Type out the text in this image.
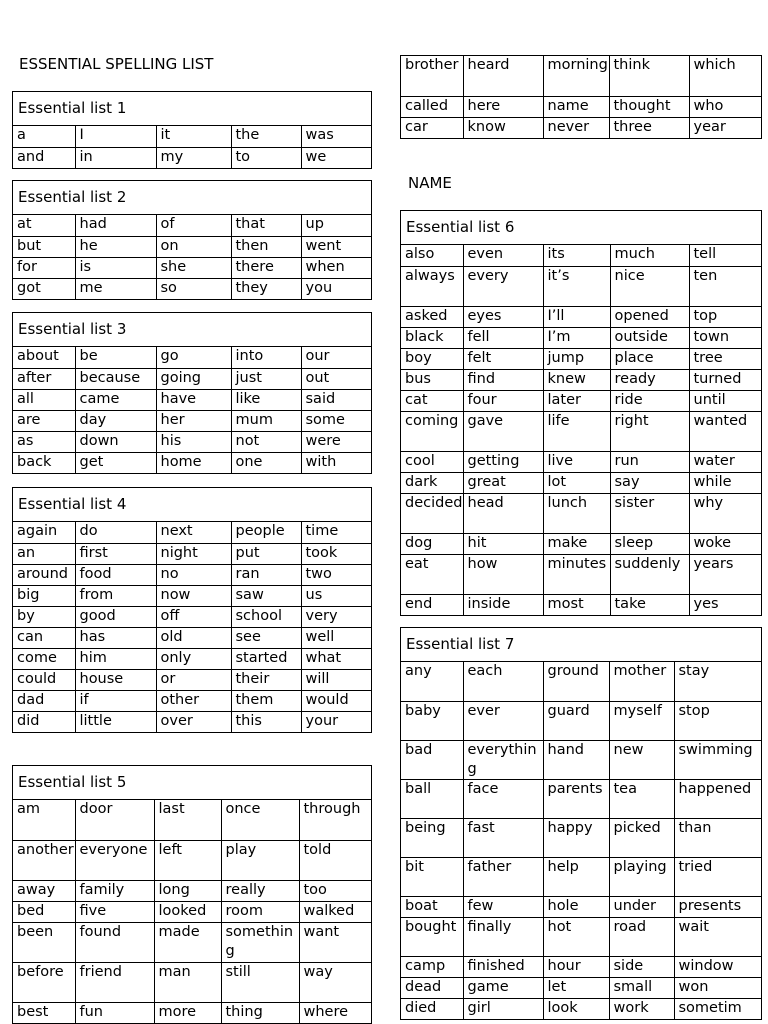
ESSENTIAL SPELLING LIST
NAME
Essential list 1
a	I	it	the	was
and	in	my	to	we
Essential list 2
at	had	of	that	up
but	he	on	then	went
for	is	she	there	when
got	me	so	they	you
Essential list 3
about	be	go	into	our
after	because	going	just	out
all	came	have	like	said
are	day	her	mum	some
as	down	his	not	were
back	get	home	one	with
Essential list 4
again	do	next	people	time
an	first	night	put	took
around	food	no	ran	two
big	from	now	saw	us
by	good	off	school	very
can	has	old	see	well
come	him	only	started	what
could	house	or	their	will
dad	if	other	them	would
did	little	over	this	your
Essential list 5
am	door	last	once	through
another	everyone	left	play	told
away	family	long	really	too
bed	five	looked	room	walked
been	found	made	something	want
before	friend	man	still	way
best	fun	more	thing	where
brother	heard	morning	think	which
called	here	name	thought	who
car	know	never	three	year
Essential list 6
also	even	its	much	tell
always	every	it’s	nice	ten
asked	eyes	I’ll	opened	top
black	fell	I’m	outside	town
boy	felt	jump	place	tree
bus	find	knew	ready	turned
cat	four	later	ride	until
coming	gave	life	right	wanted
cool	getting	live	run	water
dark	great	lot	say	while
decided	head	lunch	sister	why
dog	hit	make	sleep	woke
eat	how	minutes	suddenly	years
end	inside	most	take	yes
Essential list 7
any	each	ground	mother	stay
baby	ever	guard	myself	stop
bad	everything	hand	new	swimming
ball	face	parents	tea	happened
being	fast	happy	picked	than
bit	father	help	playing	tried
boat	few	hole	under	presents
bought	finally	hot	road	wait
camp	finished	hour	side	window
dead	game	let	small	won
died	girl	look	work	sometim
